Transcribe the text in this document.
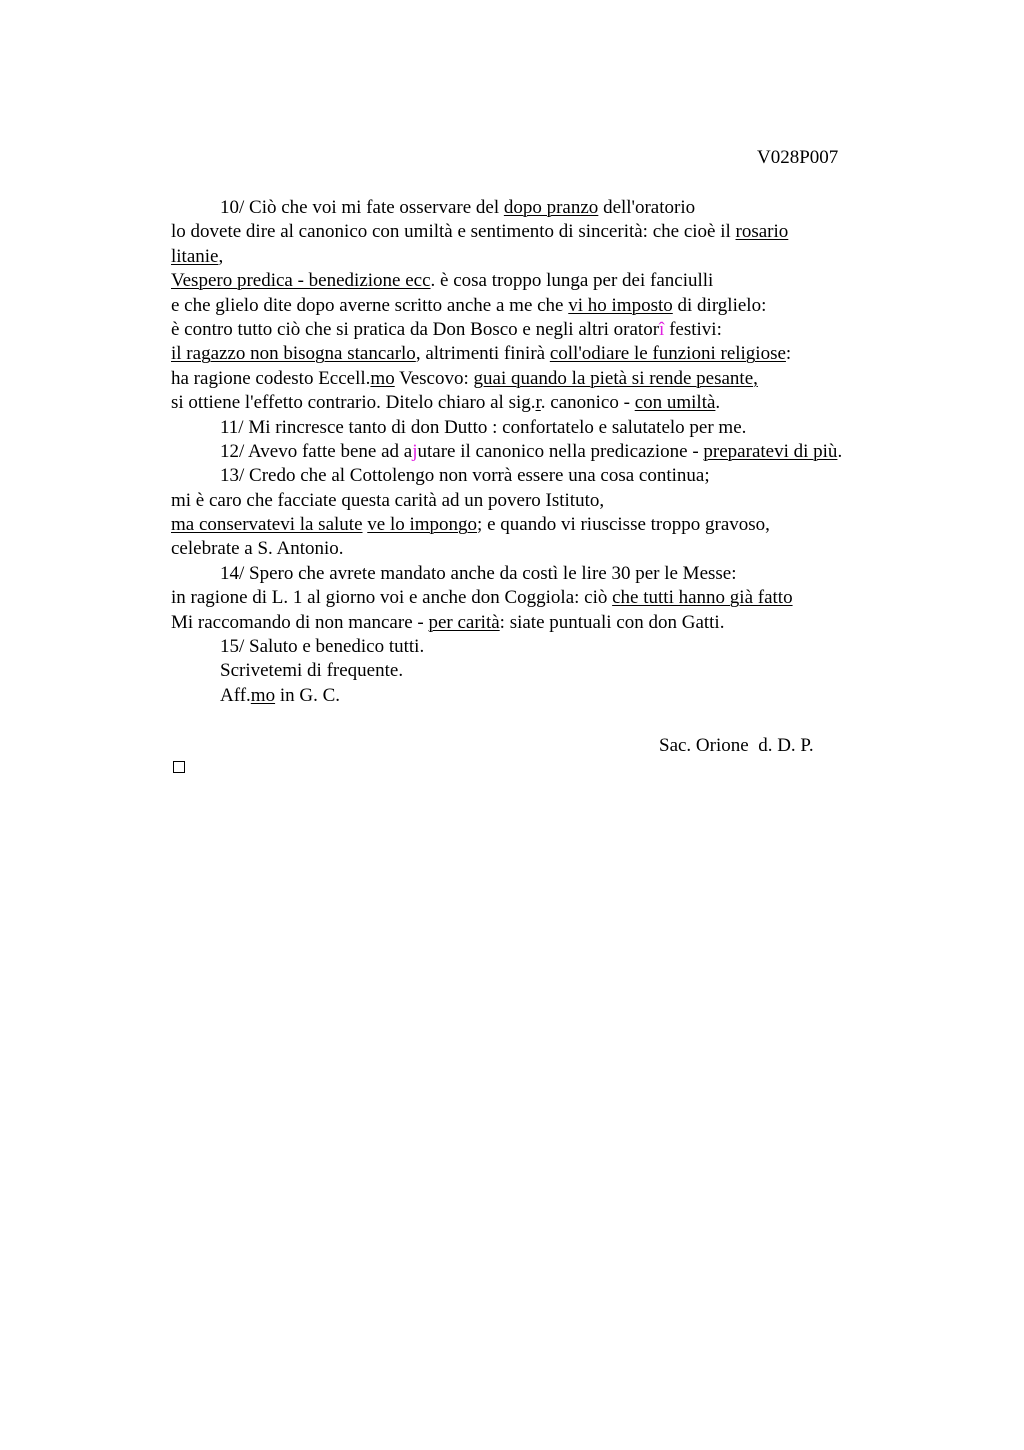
V028P007
10/ Ciò che voi mi fate osservare del dopo pranzo dell'oratorio
lo dovete dire al canonico con umiltà e sentimento di sincerità: che cioè il rosario
litanie,
Vespero predica - benedizione ecc. è cosa troppo lunga per dei fanciulli
e che glielo dite dopo averne scritto anche a me che vi ho imposto di dirglielo:
è contro tutto ciò che si pratica da Don Bosco e negli altri oratorî festivi:
il ragazzo non bisogna stancarlo, altrimenti finirà coll'odiare le funzioni religiose:
ha ragione codesto Eccell.mo Vescovo: guai quando la pietà si rende pesante,
si ottiene l'effetto contrario. Ditelo chiaro al sig.r. canonico - con umiltà.
11/ Mi rincresce tanto di don Dutto : confortatelo e salutatelo per me.
12/ Avevo fatte bene ad ajutare il canonico nella predicazione - preparatevi di più.
13/ Credo che al Cottolengo non vorrà essere una cosa continua;
mi è caro che facciate questa carità ad un povero Istituto,
ma conservatevi la salute ve lo impongo; e quando vi riuscisse troppo gravoso,
celebrate a S. Antonio.
14/ Spero che avrete mandato anche da costì le lire 30 per le Messe:
in ragione di L. 1 al giorno voi e anche don Coggiola: ciò che tutti hanno già fatto
Mi raccomando di non mancare - per carità: siate puntuali con don Gatti.
15/ Saluto e benedico tutti.
Scrivetemi di frequente.
Aff.mo in G. C.
Sac. Orione  d. D. P.
